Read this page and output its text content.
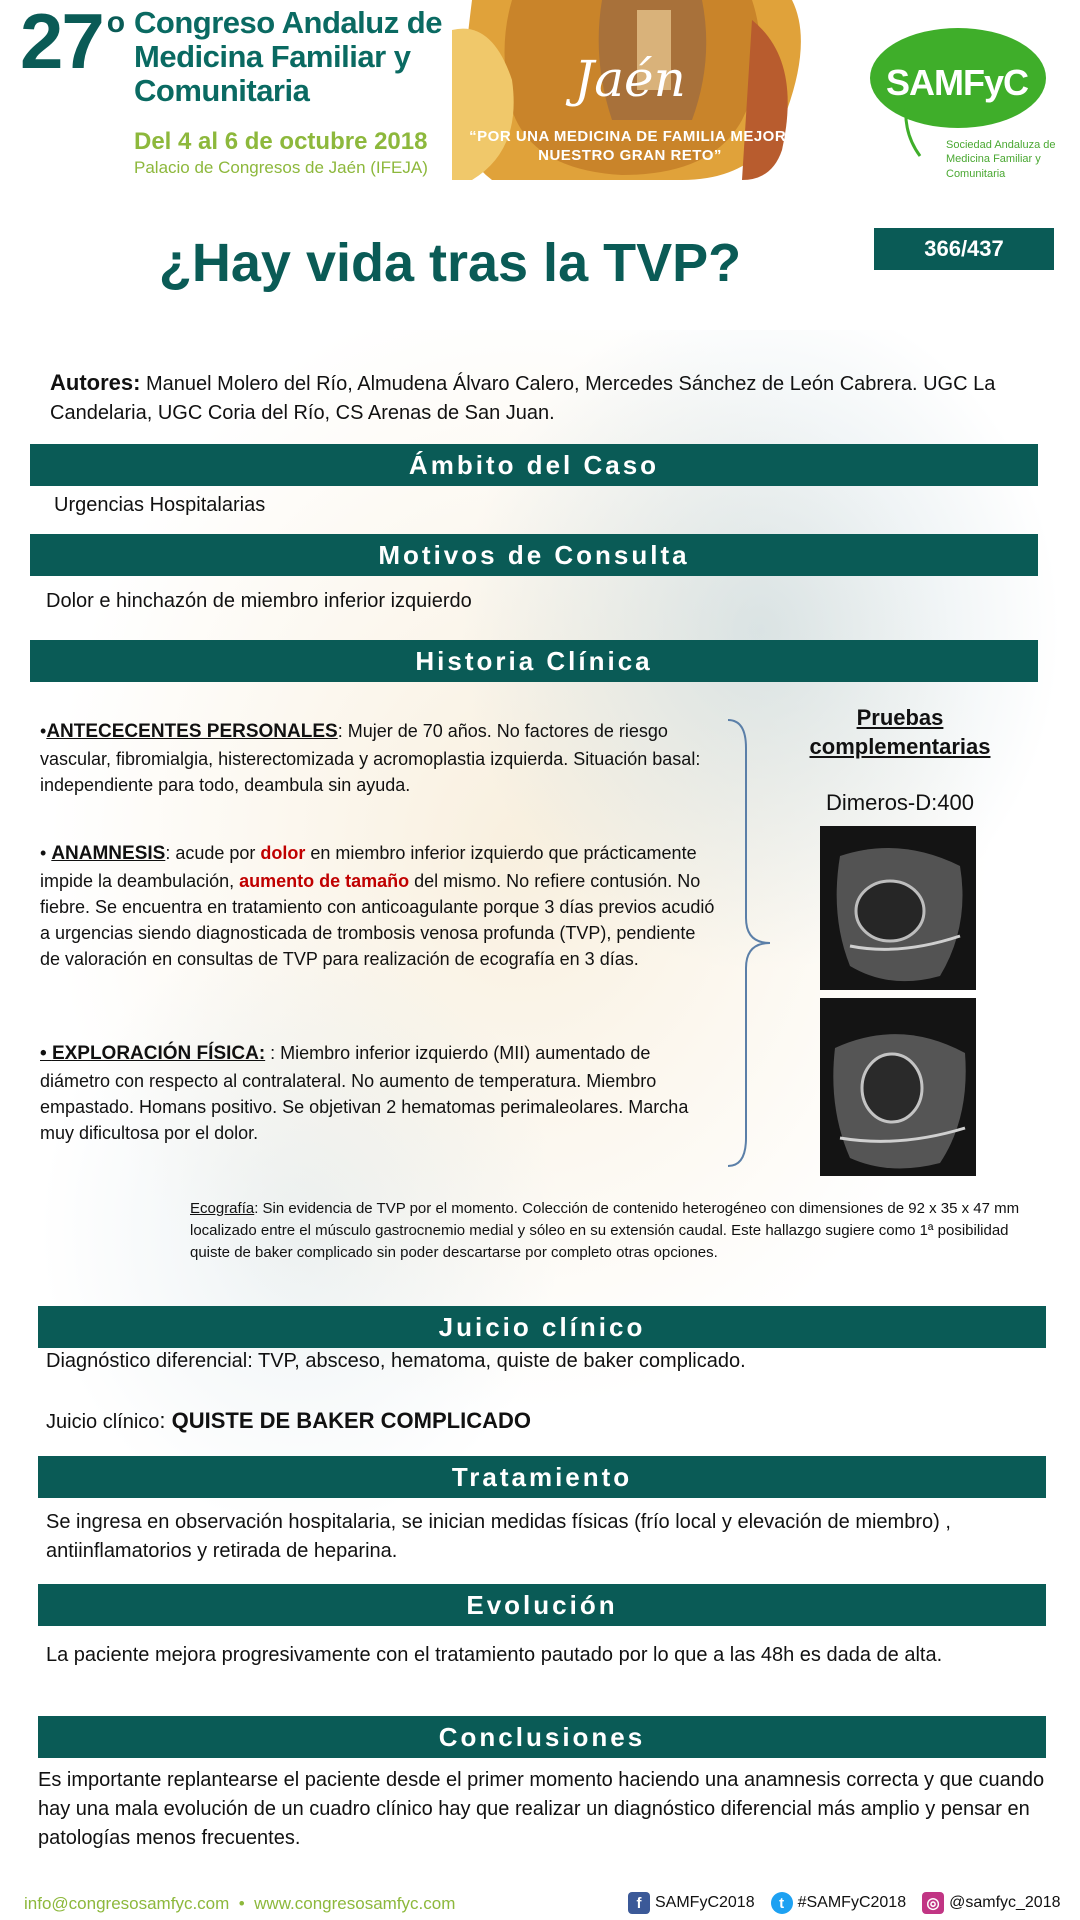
27 $^o$ Congreso Andaluz de Medicina Familiar y Comunitaria
Del 4 al 6 de octubre 2018
Palacio de Congresos de Jaén (IFEJA)
Jaén
“POR UNA MEDICINA DE FAMILIA MEJOR, NUESTRO GRAN RETO”
SAMFyC
Sociedad Andaluza de Medicina Familiar y Comunitaria
¿Hay vida tras la TVP?	366/437
Autores: Manuel Molero del Río, Almudena Álvaro Calero, Mercedes Sánchez de León Cabrera. UGC La Candelaria, UGC Coria del Río, CS Arenas de San Juan.
Ámbito del Caso
Urgencias Hospitalarias
Motivos de Consulta
Dolor e hinchazón de miembro inferior izquierdo
Historia Clínica
•ANTECECENTES PERSONALES: Mujer de 70 años. No factores de riesgo vascular, fibromialgia, histerectomizada y acromoplastia izquierda. Situación basal: independiente para todo, deambula sin ayuda.
• ANAMNESIS: acude por dolor en miembro inferior izquierdo que prácticamente impide la deambulación, aumento de tamaño del mismo. No refiere contusión. No fiebre. Se encuentra en tratamiento con anticoagulante porque 3 días previos acudió a urgencias siendo diagnosticada de trombosis venosa profunda (TVP), pendiente de valoración en consultas de TVP para realización de ecografía en 3 días.
• EXPLORACIÓN FÍSICA: : Miembro inferior izquierdo (MII) aumentado de diámetro con respecto al contralateral. No aumento de temperatura. Miembro empastado. Homans positivo. Se objetivan 2 hematomas perimaleolares. Marcha muy dificultosa por el dolor.
Pruebas complementarias
Dimeros-D:400
Ecografía: Sin evidencia de TVP por el momento. Colección de contenido heterogéneo con dimensiones de 92 x 35 x 47 mm localizado entre el músculo gastrocnemio medial y sóleo en su extensión caudal. Este hallazgo sugiere como 1ª posibilidad quiste de baker complicado sin poder descartarse por completo otras opciones.
Juicio clínico
Diagnóstico diferencial: TVP, absceso, hematoma, quiste de baker complicado.
Juicio clínico: QUISTE DE BAKER COMPLICADO
Tratamiento
Se ingresa en observación hospitalaria, se inician medidas físicas (frío local y elevación de miembro) , antiinflamatorios y retirada de heparina.
Evolución
La paciente mejora progresivamente con el tratamiento pautado por lo que a las 48h es dada de alta.
Conclusiones
Es importante replantearse el paciente desde el primer momento haciendo una anamnesis correcta y que cuando hay una mala evolución de un cuadro clínico hay que realizar un diagnóstico diferencial más amplio y pensar en patologías menos frecuentes.
info@congresosamfyc.com • www.congresosamfyc.com	f SAMFyC2018	t #SAMFyC2018 ◎ @samfyc_2018
